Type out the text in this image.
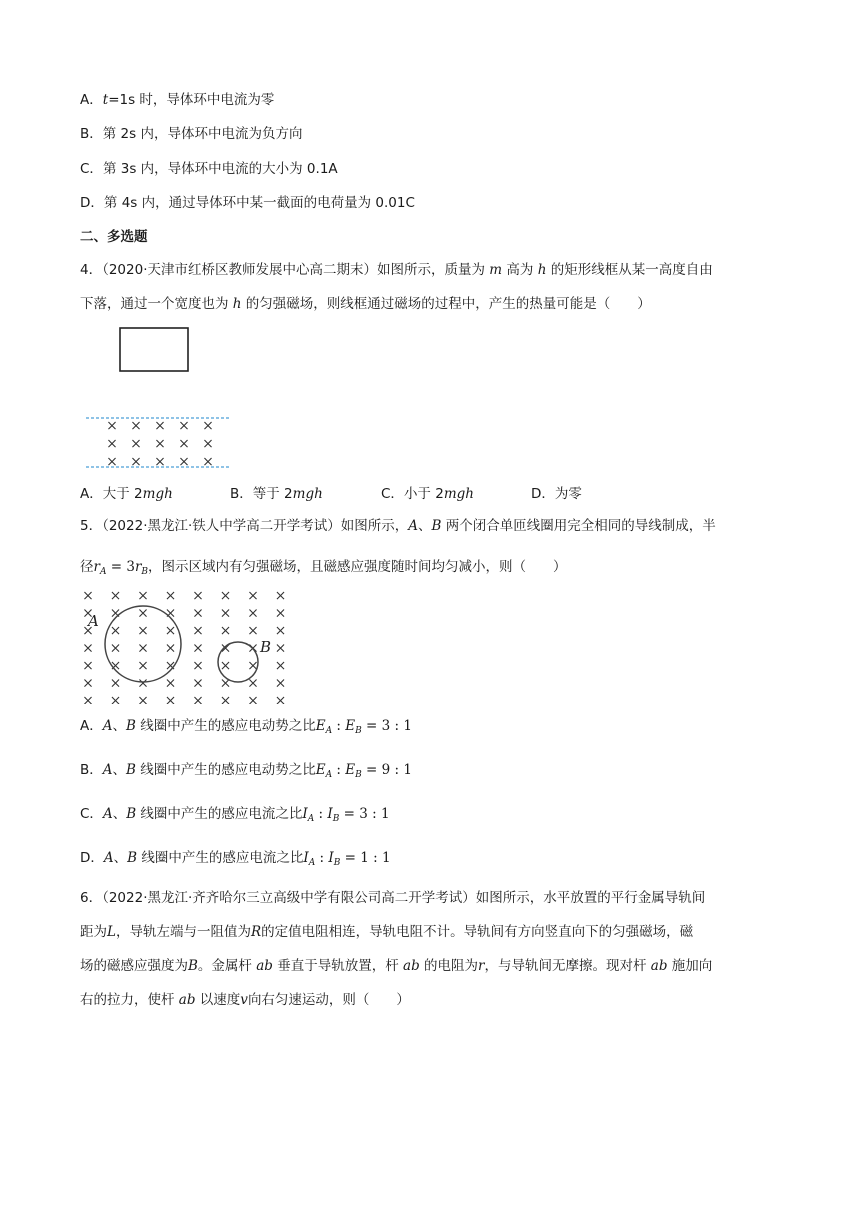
A．t=1s 时，导体环中电流为零
B．第 2s 内，导体环中电流为负方向
C．第 3s 内，导体环中电流的大小为 0.1A
D．第 4s 内，通过导体环中某一截面的电荷量为 0.01C
二、多选题
4．（2020·天津市红桥区教师发展中心高二期末）如图所示，质量为 m 高为 h 的矩形线框从某一高度自由
下落，通过一个宽度也为 h 的匀强磁场，则线框通过磁场的过程中，产生的热量可能是（　　）
× × × × ×
× × × × ×
× × × × ×
A．大于 2mgh	B．等于 2mgh	C．小于 2mgh	D．为零
5．（2022·黑龙江·铁人中学高二开学考试）如图所示，A、B 两个闭合单匝线圈用完全相同的导线制成，半
径$r_A = 3r_B$，图示区域内有匀强磁场，且磁感应强度随时间均匀减小，则（　　）
× × × × × × × ×
× × × × × × × ×
× × × × × × × ×
× × × × × × × ×
× × × × × × × ×
× × × × × × × ×
× × × × × × × ×
A
B
A．A、B 线圈中产生的感应电动势之比$E_A$ : $E_B = 3$ : 1
B．A、B 线圈中产生的感应电动势之比$E_A$ : $E_B = 9$ : 1
C．A、B 线圈中产生的感应电流之比$I_A$ : $I_B = 3$ : 1
D．A、B 线圈中产生的感应电流之比$I_A$ : $I_B = 1$ : 1
6．（2022·黑龙江·齐齐哈尔三立高级中学有限公司高二开学考试）如图所示，水平放置的平行金属导轨间
距为L，导轨左端与一阻值为R的定值电阻相连，导轨电阻不计。导轨间有方向竖直向下的匀强磁场，磁
场的磁感应强度为B。金属杆 ab 垂直于导轨放置，杆 ab 的电阻为r，与导轨间无摩擦。现对杆 ab 施加向
右的拉力，使杆 ab 以速度v向右匀速运动，则（　　）
